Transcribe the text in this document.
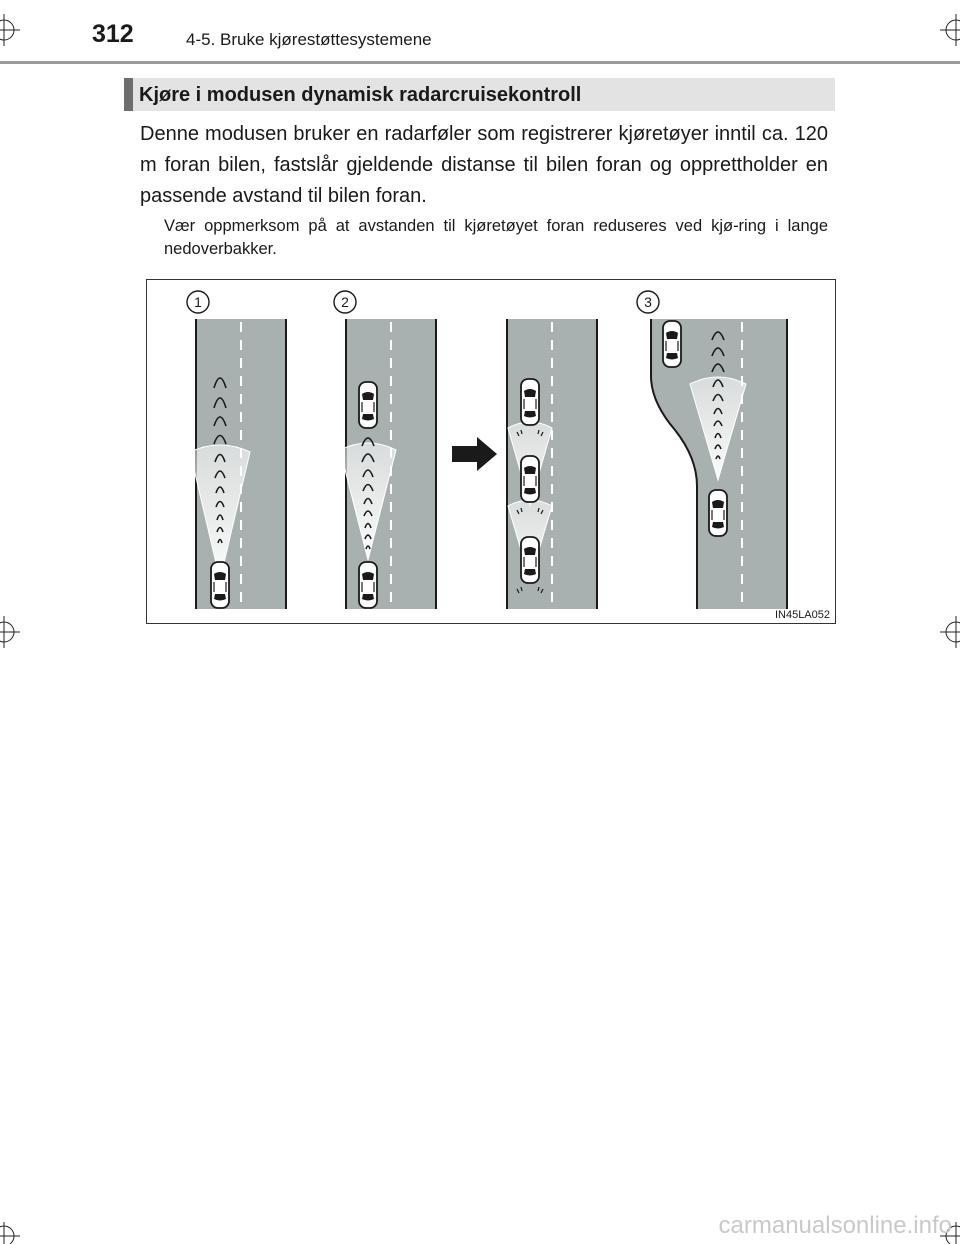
312	4-5. Bruke kjørestøttesystemene
Kjøre i modusen dynamisk radarcruisekontroll
Denne modusen bruker en radarføler som registrerer kjøretøyer inntil ca. 120 m foran bilen, fastslår gjeldende distanse til bilen foran og opprettholder en passende avstand til bilen foran.
Vær oppmerksom på at avstanden til kjøretøyet foran reduseres ved kjø-ring i lange nedoverbakker.
1	2	3
IN45LA052
carmanualsonline.info
